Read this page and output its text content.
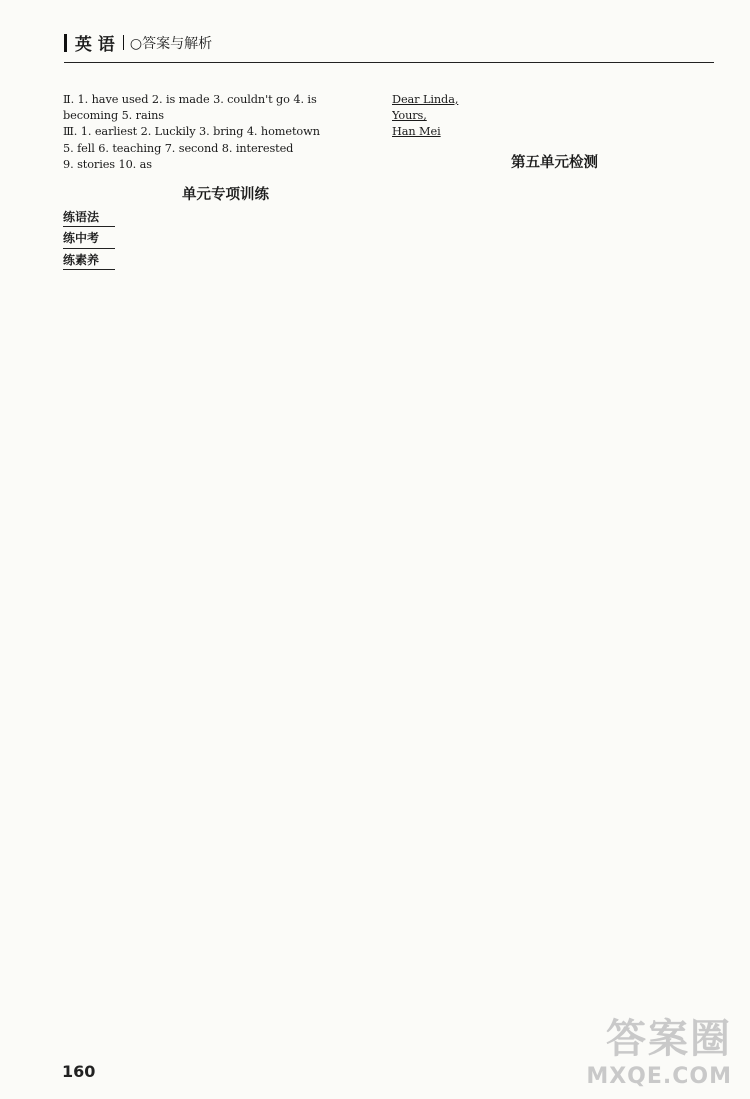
英 语 ○答案与解析
Ⅱ. 1. have used 2. is made 3. couldn't go 4. is
becoming 5. rains
Ⅲ. 1. earliest 2. Luckily 3. bring 4. hometown
5. fell 6. teaching 7. second 8. interested
9. stories 10. as
单元专项训练
练语法
练中考
练素养
Dear Linda,
Yours,
Han Mei
第五单元检测
160
答案圈
MXQE.COM
